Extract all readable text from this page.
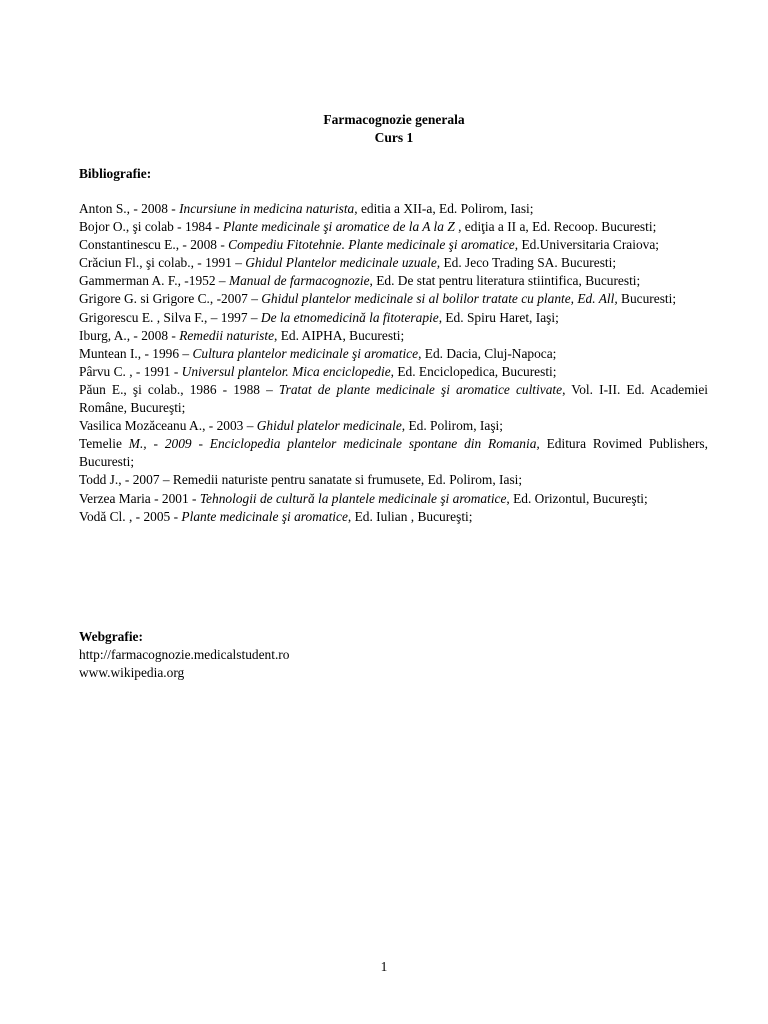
Farmacognozie generala
Curs 1
Bibliografie:
Anton S., - 2008 - Incursiune in medicina naturista, editia a XII-a, Ed. Polirom, Iasi;
Bojor O., şi colab - 1984 - Plante medicinale şi aromatice de la A la Z , ediţia a II a, Ed. Recoop. Bucuresti;
Constantinescu E., - 2008 - Compediu Fitotehnie. Plante medicinale şi aromatice, Ed.Universitaria Craiova;
Crăciun Fl., şi colab., - 1991 – Ghidul Plantelor medicinale uzuale, Ed. Jeco Trading SA. Bucuresti;
Gammerman A. F., -1952 – Manual de farmacognozie, Ed. De stat pentru literatura stiintifica, Bucuresti;
Grigore G. si Grigore C., -2007 – Ghidul plantelor medicinale si al bolilor tratate cu plante, Ed. All, Bucuresti;
Grigorescu E. , Silva F., – 1997 – De la etnomedicină la fitoterapie, Ed. Spiru Haret, Iaşi;
Iburg, A., - 2008 - Remedii naturiste, Ed. AIPHA, Bucuresti;
Muntean I., - 1996 – Cultura plantelor medicinale şi aromatice, Ed. Dacia, Cluj-Napoca;
Pârvu C. , - 1991 - Universul plantelor. Mica enciclopedie, Ed. Enciclopedica, Bucuresti;
Păun E., şi colab., 1986 - 1988 – Tratat de plante medicinale şi aromatice cultivate, Vol. I-II. Ed. Academiei Române, Bucureşti;
Vasilica Mozăceanu A., - 2003 – Ghidul platelor medicinale, Ed. Polirom, Iaşi;
Temelie M., - 2009 - Enciclopedia plantelor medicinale spontane din Romania, Editura Rovimed Publishers, Bucuresti;
Todd J., - 2007 – Remedii naturiste pentru sanatate si frumusete, Ed. Polirom, Iasi;
Verzea Maria - 2001 - Tehnologii de cultură la plantele medicinale şi aromatice, Ed. Orizontul, Bucureşti;
Vodă Cl. , - 2005 - Plante medicinale şi aromatice, Ed. Iulian , Bucureşti;
Webgrafie:
http://farmacognozie.medicalstudent.ro
www.wikipedia.org
1
